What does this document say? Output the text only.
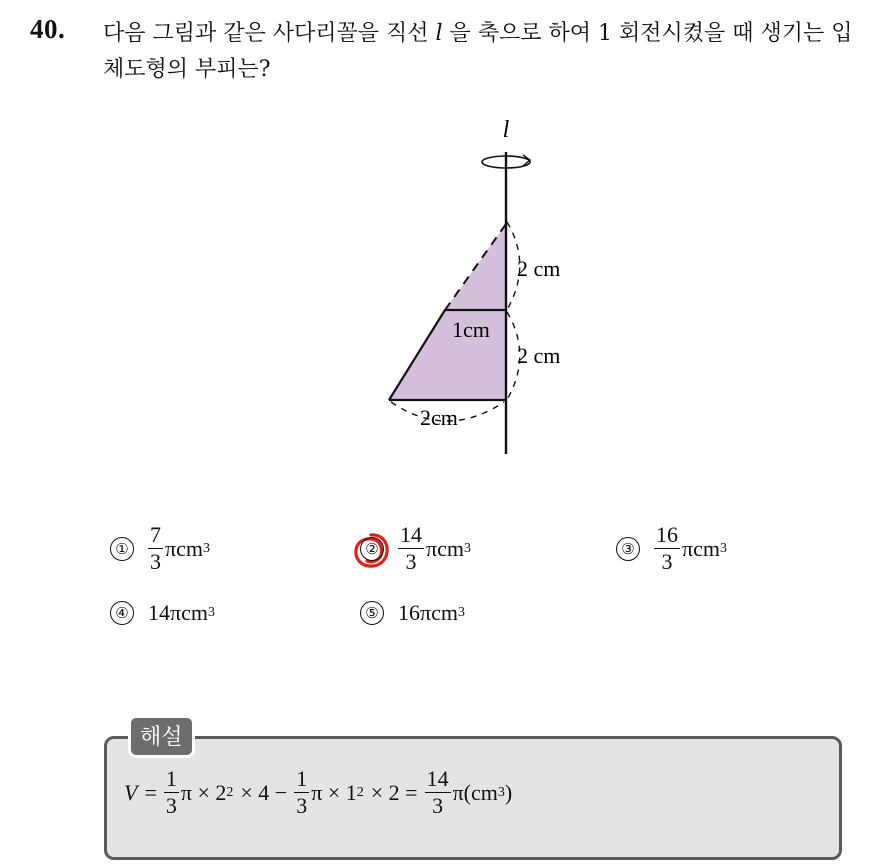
40. 다음 그림과 같은 사다리꼴을 직선 l 을 축으로 하여 1 회전시켰을 때 생기는 입체도형의 부피는?
l
2 cm
1cm
2 cm
2cm
① $\frac{7}{3}$ πcm 3	② $\frac{14}{3}$ πcm 3	③ $\frac{16}{3}$ πcm 3
④ 14 πcm 3	⑤ 16 πcm 3
해설
$V = \frac{1}{3}$ π × 2 $2 \times 4 - \frac{1}{3}$ π × 1 $2 \times 2 = \frac{14}{3} \pi(cm$ 3 )
